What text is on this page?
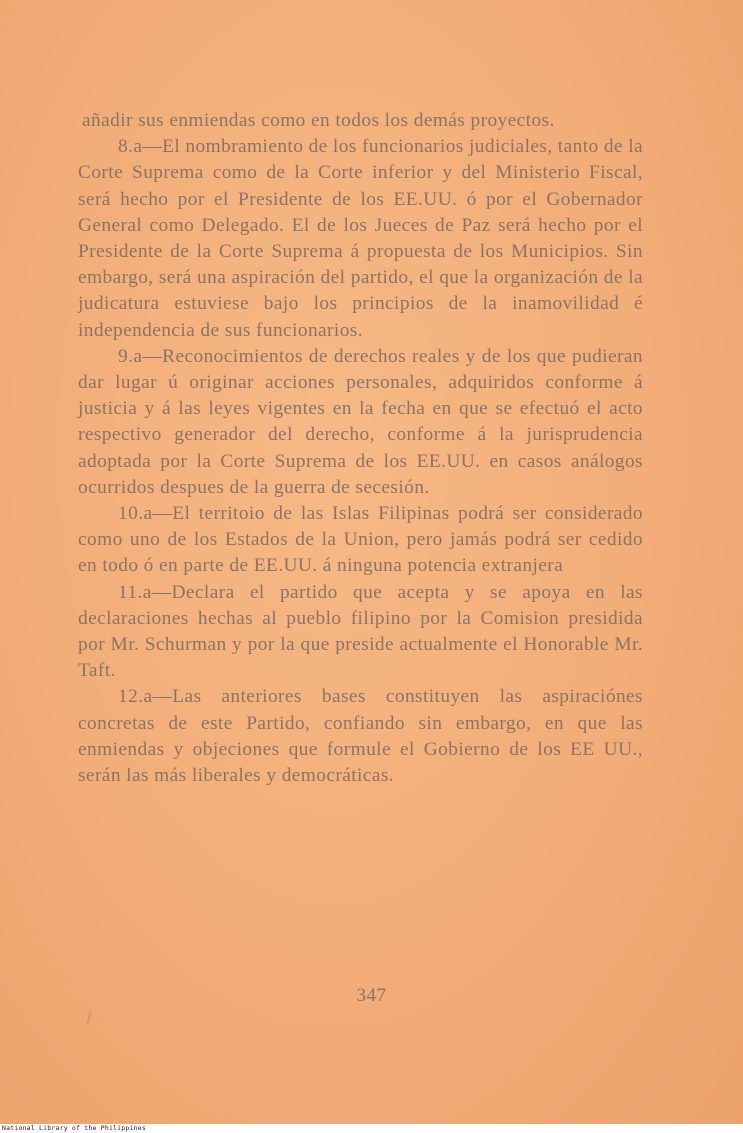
añadir sus enmiendas como en todos los demás proyectos.

8.a—El nombramiento de los funcionarios judiciales, tanto de la Corte Suprema como de la Corte inferior y del Ministerio Fiscal, será hecho por el Presidente de los EE.UU. ó por el Gobernador General como Delegado. El de los Jueces de Paz será hecho por el Presidente de la Corte Suprema á propuesta de los Municipios. Sin embargo, será una aspiración del partido, el que la organización de la judicatura estuviese bajo los principios de la inamovilidad é independencia de sus funcionarios.

9.a—Reconocimientos de derechos reales y de los que pudieran dar lugar ú originar acciones personales, adquiridos conforme á justicia y á las leyes vigentes en la fecha en que se efectuó el acto respectivo generador del derecho, conforme á la jurisprudencia adoptada por la Corte Suprema de los EE.UU. en casos análogos ocurridos despues de la guerra de secesión.

10.a—El territoio de las Islas Filipinas podrá ser considerado como uno de los Estados de la Union, pero jamás podrá ser cedido en todo ó en parte de EE.UU. á ninguna potencia extranjera

11.a—Declara el partido que acepta y se apoya en las declaraciones hechas al pueblo filipino por la Comision presidida por Mr. Schurman y por la que preside actualmente el Honorable Mr. Taft.

12.a—Las anteriores bases constituyen las aspiraciónes concretas de este Partido, confiando sin embargo, en que las enmiendas y objeciones que formule el Gobierno de los EE UU., serán las más liberales y democráticas.

347
National Library of the Philippines
